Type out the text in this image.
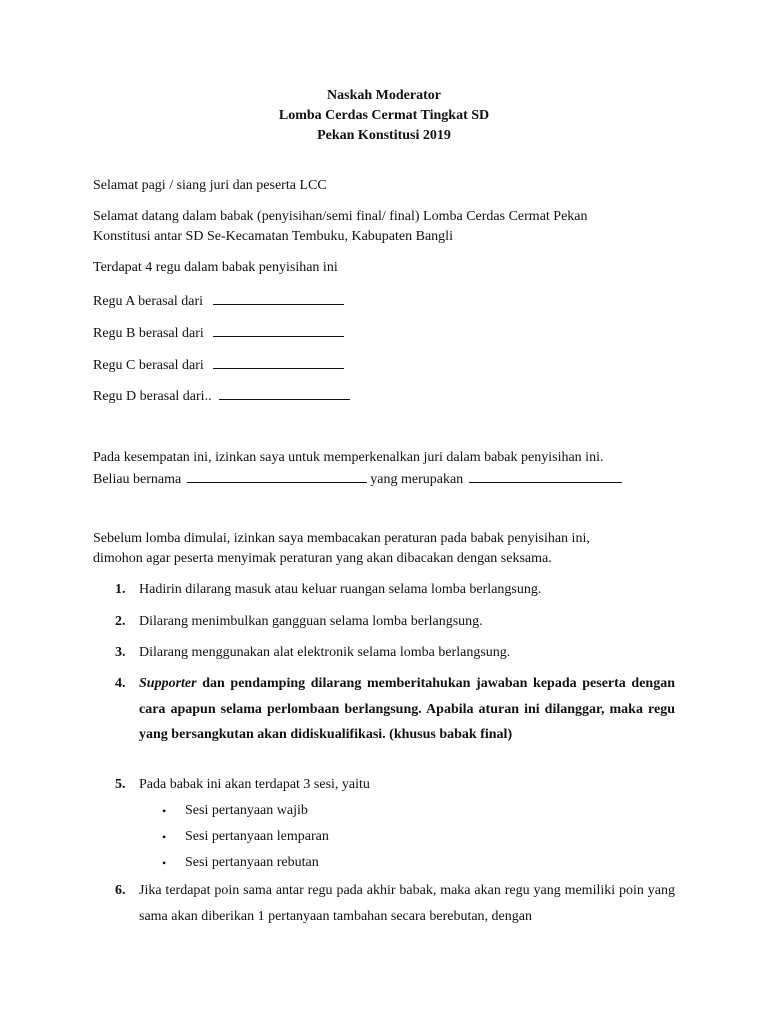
Naskah Moderator
Lomba Cerdas Cermat Tingkat SD
Pekan Konstitusi 2019
Selamat pagi / siang juri dan peserta LCC
Selamat datang dalam babak (penyisihan/semi final/ final) Lomba Cerdas Cermat Pekan
Konstitusi antar SD Se-Kecamatan Tembuku, Kabupaten Bangli
Terdapat 4 regu dalam babak penyisihan ini
Regu A berasal dari
Regu B berasal dari
Regu C berasal dari
Regu D berasal dari..
Pada kesempatan ini, izinkan saya untuk memperkenalkan juri dalam babak penyisihan ini.
Beliau bernama	yang merupakan
Sebelum lomba dimulai, izinkan saya membacakan peraturan pada babak penyisihan ini,
dimohon agar peserta menyimak peraturan yang akan dibacakan dengan seksama.
1. Hadirin dilarang masuk atau keluar ruangan selama lomba berlangsung.
2. Dilarang menimbulkan gangguan selama lomba berlangsung.
3. Dilarang menggunakan alat elektronik selama lomba berlangsung.
4. Supporter dan pendamping dilarang memberitahukan jawaban kepada peserta dengan cara apapun selama perlombaan berlangsung. Apabila aturan ini dilanggar, maka regu yang bersangkutan akan didiskualifikasi. (khusus babak final)
5. Pada babak ini akan terdapat 3 sesi, yaitu
• Sesi pertanyaan wajib
• Sesi pertanyaan lemparan
• Sesi pertanyaan rebutan
6. Jika terdapat poin sama antar regu pada akhir babak, maka akan regu yang memiliki poin yang sama akan diberikan 1 pertanyaan tambahan secara berebutan, dengan
